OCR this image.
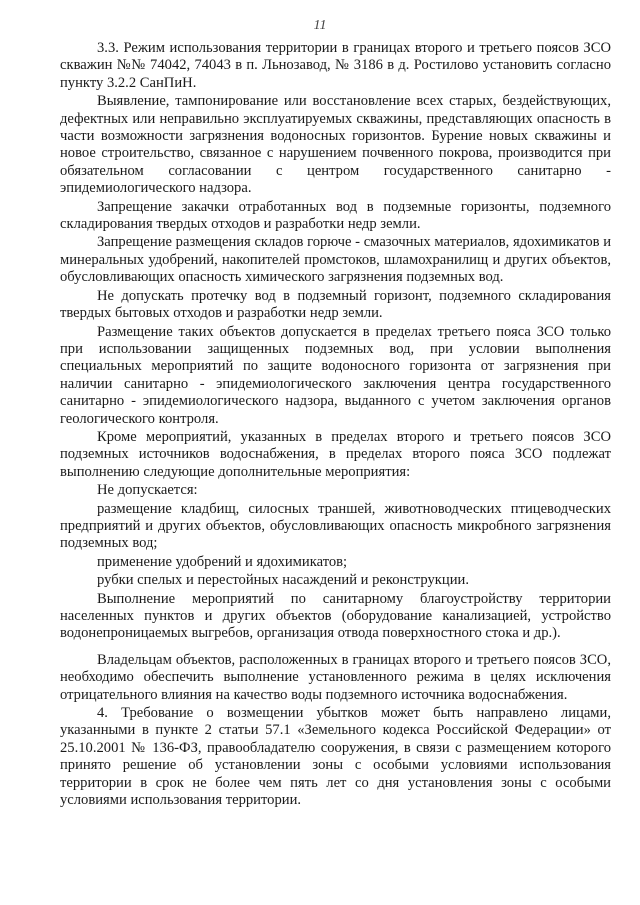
11

3.3. Режим использования территории в границах второго и третьего поясов ЗСО скважин №№ 74042, 74043 в п. Льнозавод, № 3186 в д. Ростилово установить согласно пункту 3.2.2 СанПиН.

Выявление, тампонирование или восстановление всех старых, бездействующих, дефектных или неправильно эксплуатируемых скважины, представляющих опасность в части возможности загрязнения водоносных горизонтов. Бурение новых скважины и новое строительство, связанное с нарушением почвенного покрова, производится при обязательном согласовании с центром государственного санитарно - эпидемиологического надзора.

Запрещение закачки отработанных вод в подземные горизонты, подземного складирования твердых отходов и разработки недр земли.

Запрещение размещения складов горюче - смазочных материалов, ядохимикатов и минеральных удобрений, накопителей промстоков, шламохранилищ и других объектов, обусловливающих опасность химического загрязнения подземных вод.

Не допускать протечку вод в подземный горизонт, подземного складирования твердых бытовых отходов и разработки недр земли.

Размещение таких объектов допускается в пределах третьего пояса ЗСО только при использовании защищенных подземных вод, при условии выполнения специальных мероприятий по защите водоносного горизонта от загрязнения при наличии санитарно - эпидемиологического заключения центра государственного санитарно - эпидемиологического надзора, выданного с учетом заключения органов геологического контроля.

Кроме мероприятий, указанных в пределах второго и третьего поясов ЗСО подземных источников водоснабжения, в пределах второго пояса ЗСО подлежат выполнению следующие дополнительные мероприятия:

Не допускается:

размещение кладбищ, силосных траншей, животноводческих птицеводческих предприятий и других объектов, обусловливающих опасность микробного загрязнения подземных вод;

применение удобрений и ядохимикатов;

рубки спелых и перестойных насаждений и реконструкции.

Выполнение мероприятий по санитарному благоустройству территории населенных пунктов и других объектов (оборудование канализацией, устройство водонепроницаемых выгребов, организация отвода поверхностного стока и др.).

Владельцам объектов, расположенных в границах второго и третьего поясов ЗСО, необходимо обеспечить выполнение установленного режима в целях исключения отрицательного влияния на качество воды подземного источника водоснабжения.

4. Требование о возмещении убытков может быть направлено лицами, указанными в пункте 2 статьи 57.1 «Земельного кодекса Российской Федерации» от 25.10.2001 № 136-ФЗ, правообладателю сооружения, в связи с размещением которого принято решение об установлении зоны с особыми условиями использования территории в срок не более чем пять лет со дня установления зоны с особыми условиями использования территории.
